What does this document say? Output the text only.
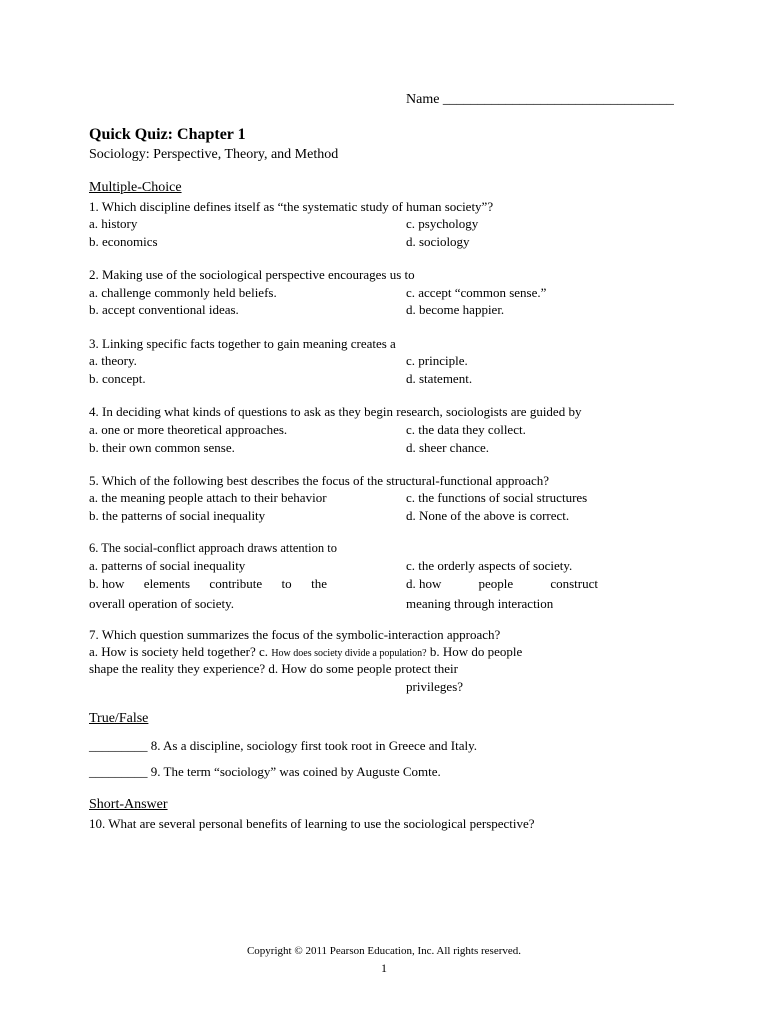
Name _________________________________
Quick Quiz: Chapter 1
Sociology: Perspective, Theory, and Method
Multiple-Choice
1. Which discipline defines itself as “the systematic study of human society”?
a. history	c. psychology
b. economics	d. sociology
2. Making use of the sociological perspective encourages us to
a. challenge commonly held beliefs.	c. accept “common sense.”
b. accept conventional ideas.	d. become happier.
3. Linking specific facts together to gain meaning creates a
a. theory.	c. principle.
b. concept.	d. statement.
4. In deciding what kinds of questions to ask as they begin research, sociologists are guided by
a. one or more theoretical approaches.	c. the data they collect.
b. their own common sense.	d. sheer chance.
5. Which of the following best describes the focus of the structural-functional approach?
a. the meaning people attach to their behavior	c. the functions of social structures
b. the patterns of social inequality	d. None of the above is correct.
6. The social-conflict approach draws attention to
a. patterns of social inequality	c. the orderly aspects of society.
b. how elements contribute to the	d. how	people	construct
overall operation of society.	meaning through interaction
7. Which question summarizes the focus of the symbolic-interaction approach?
a. How is society held together? c. How does society divide a population? b. How do people
shape the reality they experience? d. How do some people protect their
privileges?
True/False
_________ 8. As a discipline, sociology first took root in Greece and Italy.
_________ 9. The term “sociology” was coined by Auguste Comte.
Short-Answer
10. What are several personal benefits of learning to use the sociological perspective?
Copyright © 2011 Pearson Education, Inc. All rights reserved.
1
